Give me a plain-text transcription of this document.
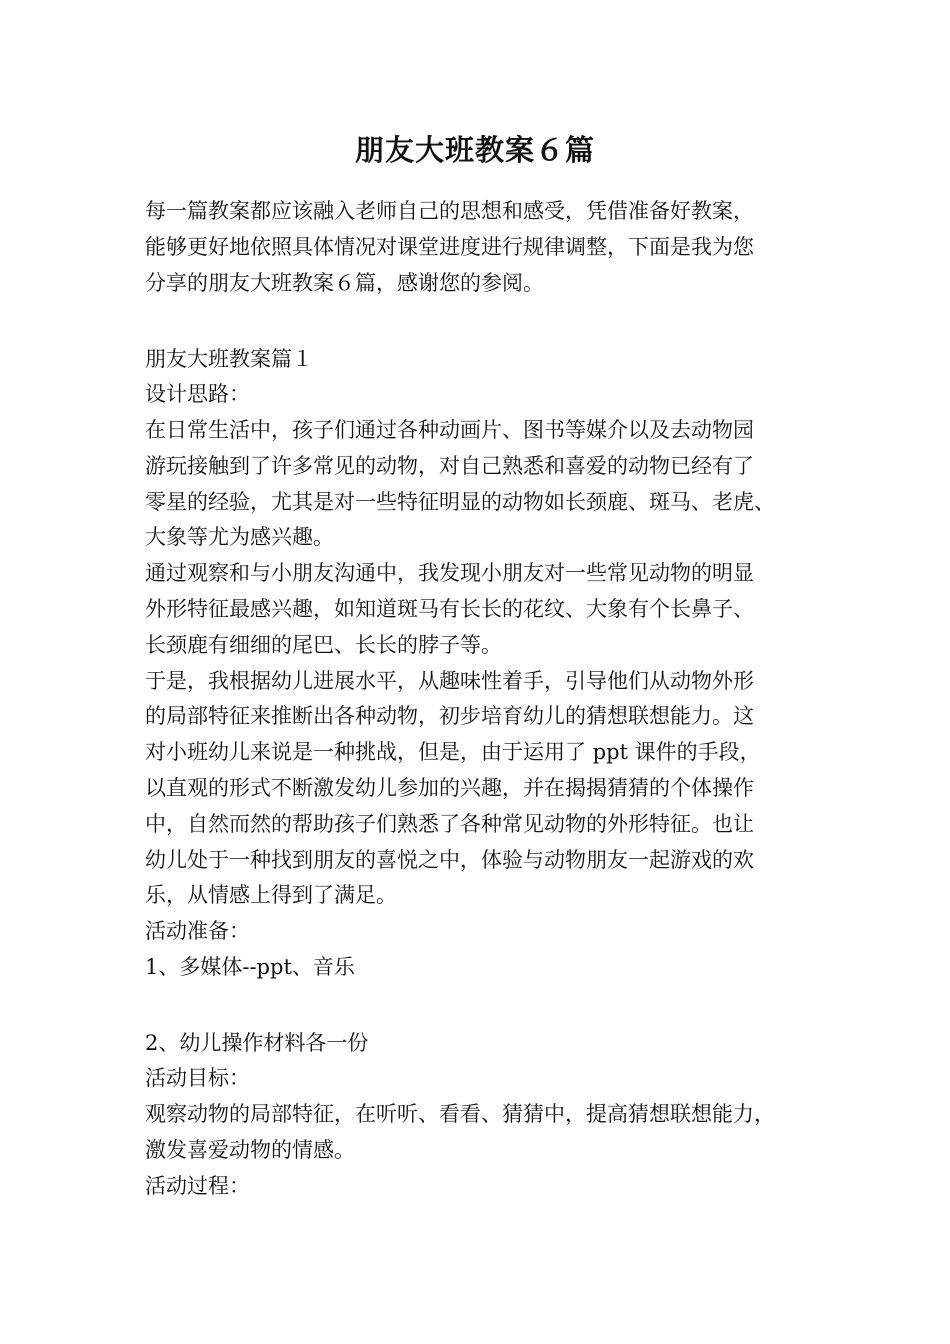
朋友大班教案６篇
每一篇教案都应该融入老师自己的思想和感受，凭借准备好教案，
能够更好地依照具体情况对课堂进度进行规律调整，下面是我为您
分享的朋友大班教案６篇，感谢您的参阅。
朋友大班教案篇１
设计思路：
在日常生活中，孩子们通过各种动画片、图书等媒介以及去动物园
游玩接触到了许多常见的动物，对自己熟悉和喜爱的动物已经有了
零星的经验，尤其是对一些特征明显的动物如长颈鹿、斑马、老虎、
大象等尤为感兴趣。
通过观察和与小朋友沟通中，我发现小朋友对一些常见动物的明显
外形特征最感兴趣，如知道斑马有长长的花纹、大象有个长鼻子、
长颈鹿有细细的尾巴、长长的脖子等。
于是，我根据幼儿进展水平，从趣味性着手，引导他们从动物外形
的局部特征来推断出各种动物，初步培育幼儿的猜想联想能力。这
对小班幼儿来说是一种挑战，但是，由于运用了 ppt 课件的手段，
以直观的形式不断激发幼儿参加的兴趣，并在揭揭猜猜的个体操作
中，自然而然的帮助孩子们熟悉了各种常见动物的外形特征。也让
幼儿处于一种找到朋友的喜悦之中，体验与动物朋友一起游戏的欢
乐，从情感上得到了满足。
活动准备：
1、多媒体--ppt、音乐
2、幼儿操作材料各一份
活动目标：
观察动物的局部特征，在听听、看看、猜猜中，提高猜想联想能力，
激发喜爱动物的情感。
活动过程：
